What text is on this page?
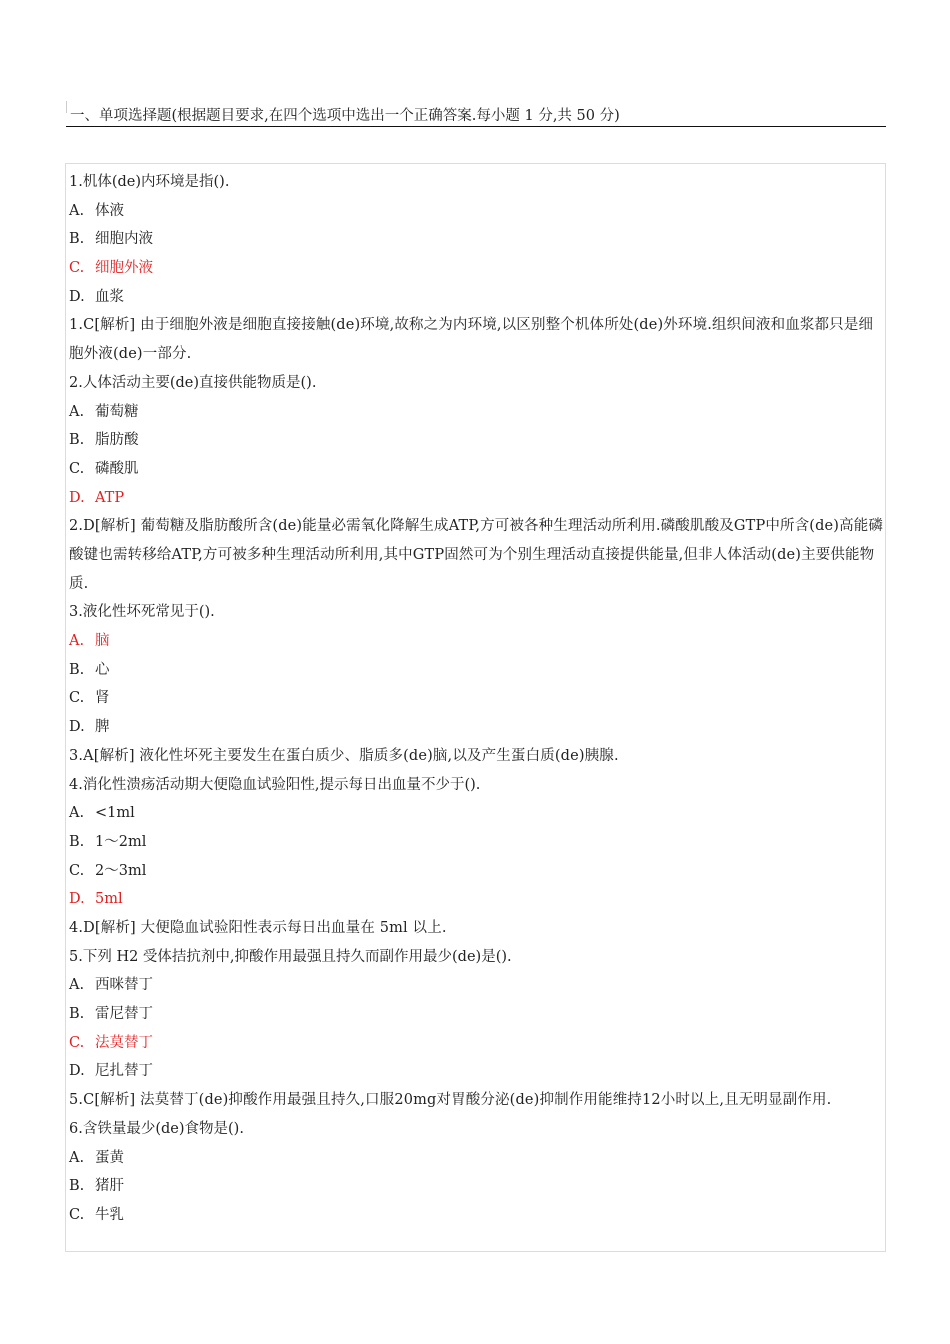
一、单项选择题(根据题目要求,在四个选项中选出一个正确答案.每小题 1 分,共 50 分)
1.机体(de)内环境是指().
A. 体液
B. 细胞内液
C. 细胞外液
D. 血浆
1.C[解析] 由于细胞外液是细胞直接接触(de)环境,故称之为内环境,以区别整个机体所处(de)外环境.组织间液和血浆都只是细胞外液(de)一部分.
2.人体活动主要(de)直接供能物质是().
A. 葡萄糖
B. 脂肪酸
C. 磷酸肌
D. ATP
2.D[解析] 葡萄糖及脂肪酸所含(de)能量必需氧化降解生成ATP,方可被各种生理活动所利用.磷酸肌酸及GTP中所含(de)高能磷酸键也需转移给ATP,方可被多种生理活动所利用,其中GTP固然可为个别生理活动直接提供能量,但非人体活动(de)主要供能物质.
3.液化性坏死常见于().
A. 脑
B. 心
C. 肾
D. 脾
3.A[解析] 液化性坏死主要发生在蛋白质少、脂质多(de)脑,以及产生蛋白质(de)胰腺.
4.消化性溃疡活动期大便隐血试验阳性,提示每日出血量不少于().
A. <1ml
B. 1～2ml
C. 2～3ml
D. 5ml
4.D[解析] 大便隐血试验阳性表示每日出血量在 5ml 以上.
5.下列 H2 受体拮抗剂中,抑酸作用最强且持久而副作用最少(de)是().
A. 西咪替丁
B. 雷尼替丁
C. 法莫替丁
D. 尼扎替丁
5.C[解析] 法莫替丁(de)抑酸作用最强且持久,口服20mg对胃酸分泌(de)抑制作用能维持12小时以上,且无明显副作用.
6.含铁量最少(de)食物是().
A. 蛋黄
B. 猪肝
C. 牛乳
